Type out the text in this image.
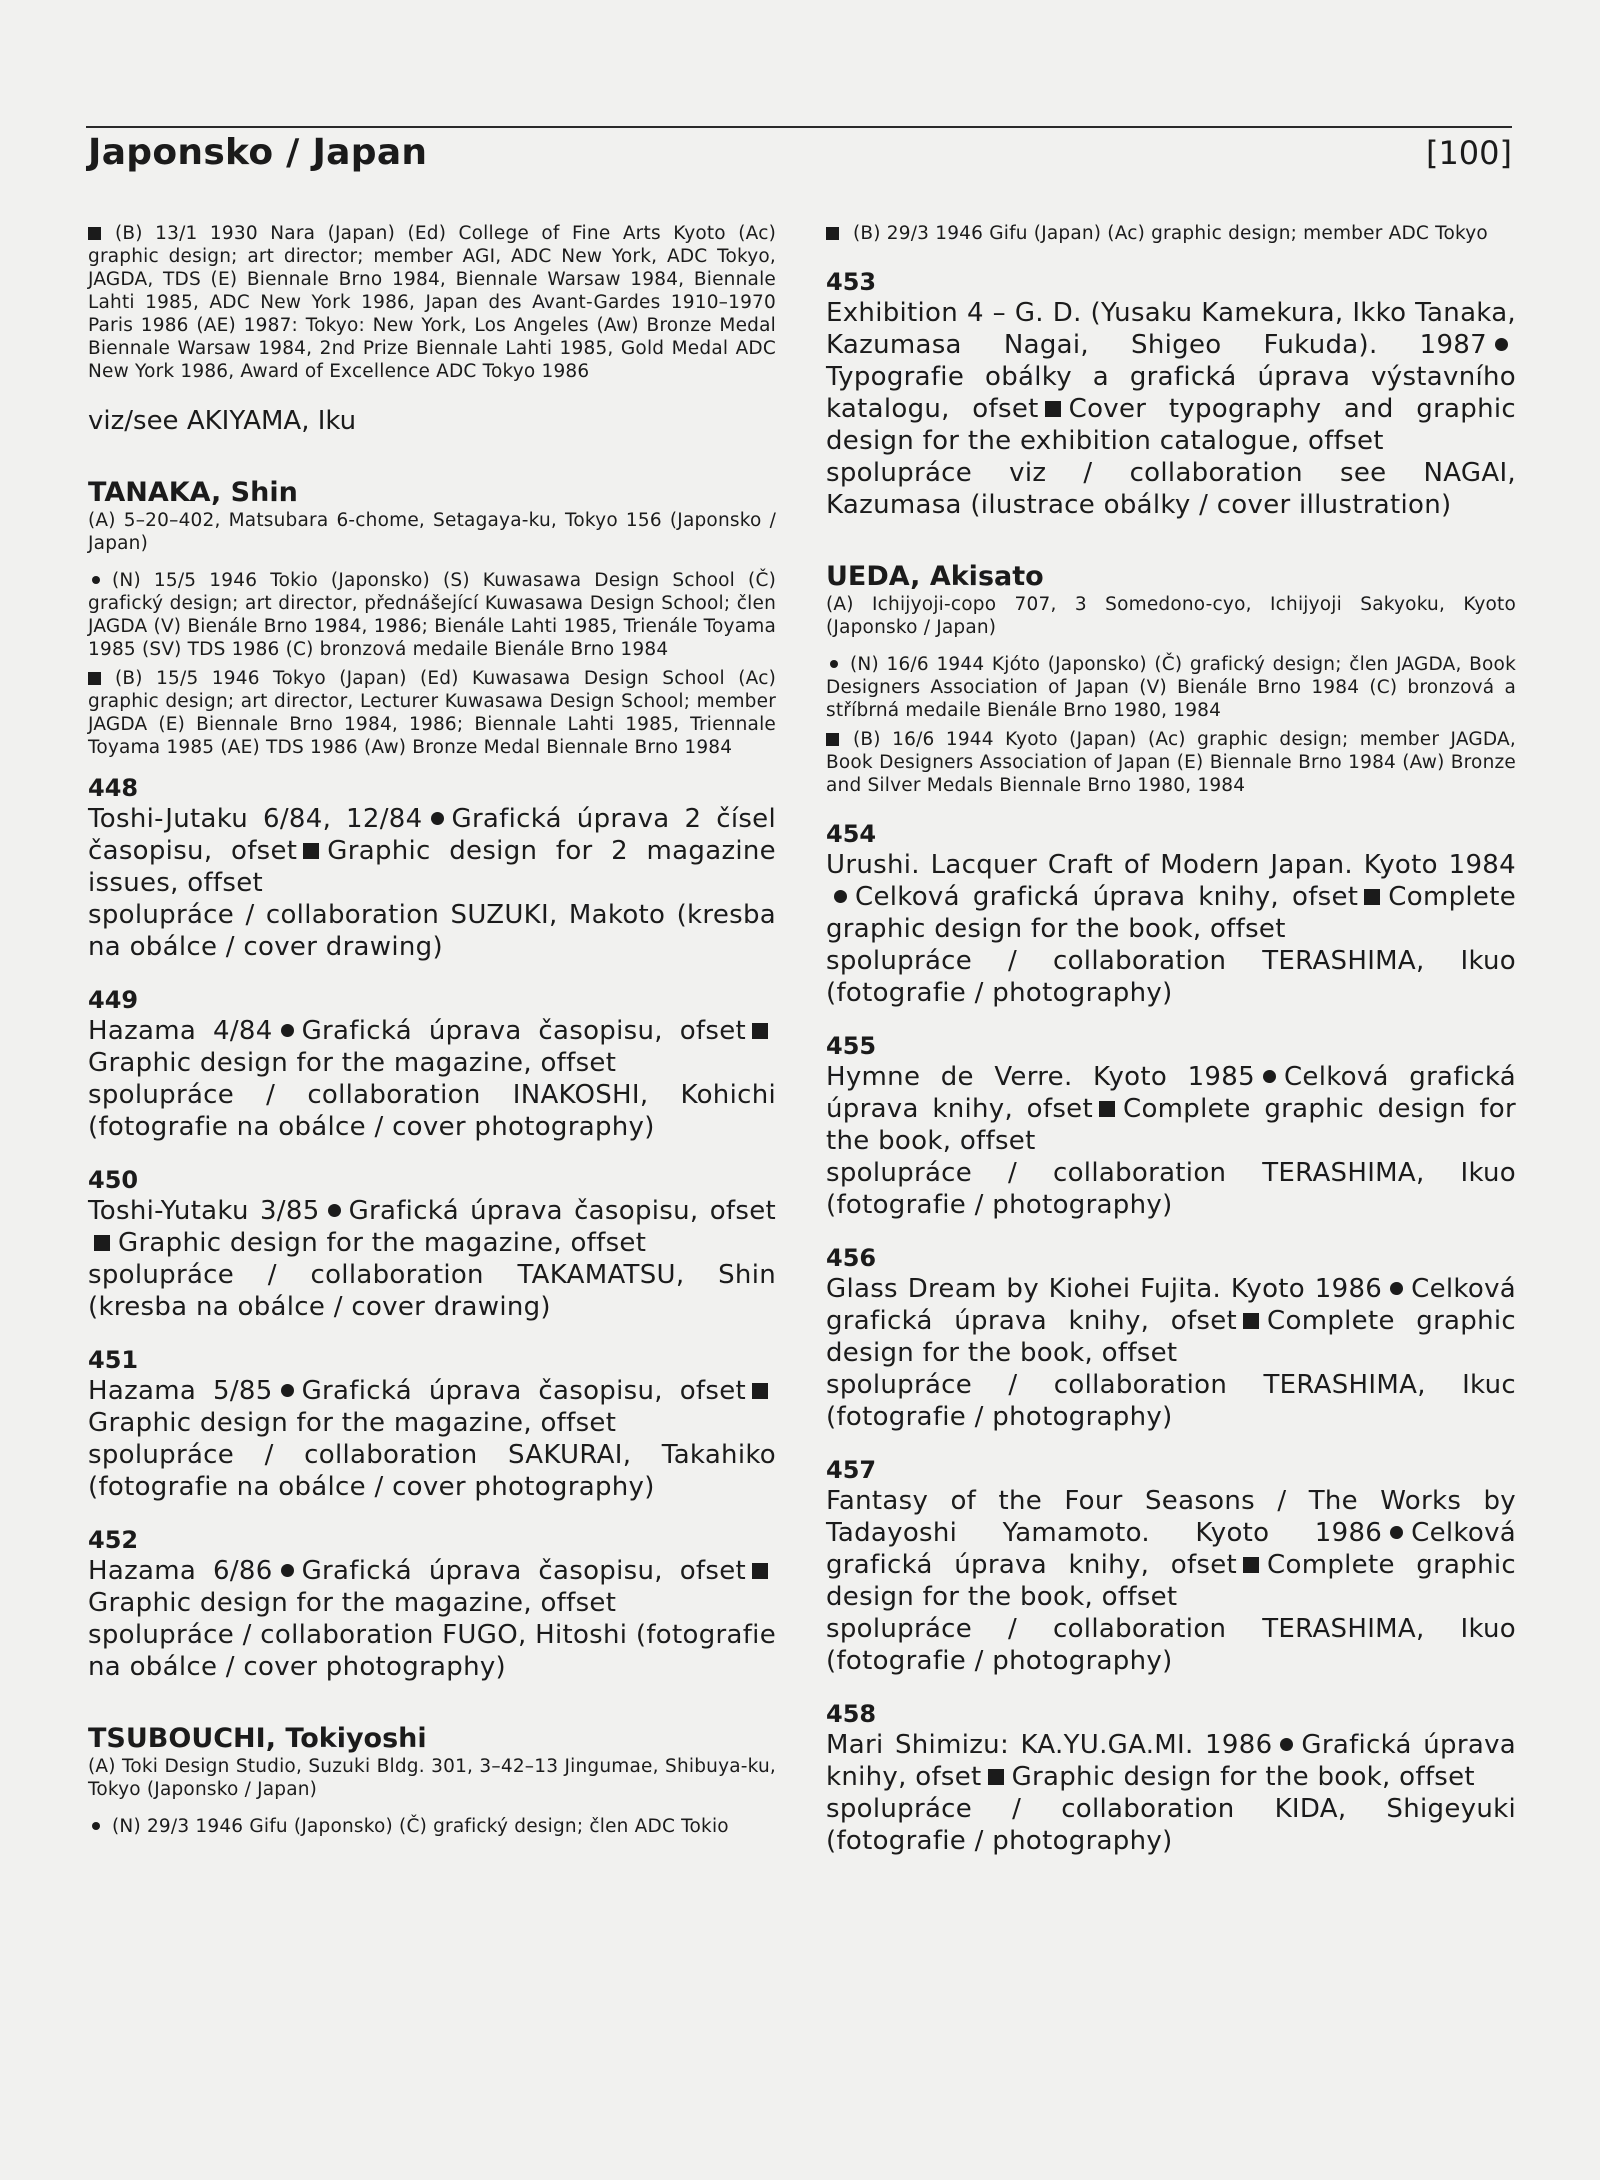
Japonsko / Japan	[100]

(B) 13/1 1930 Nara (Japan) (Ed) College of Fine Arts Kyoto (Ac) graphic design; art director; member AGI, ADC New York, ADC Tokyo, JAGDA, TDS (E) Biennale Brno 1984, Biennale Warsaw 1984, Biennale Lahti 1985, ADC New York 1986, Japan des Avant-Gardes 1910–1970 Paris 1986 (AE) 1987: Tokyo: New York, Los Angeles (Aw) Bronze Medal Biennale Warsaw 1984, 2nd Prize Biennale Lahti 1985, Gold Medal ADC New York 1986, Award of Excellence ADC Tokyo 1986

viz/see AKIYAMA, Iku

TANAKA, Shin

(A) 5–20–402, Matsubara 6-chome, Setagaya-ku, Tokyo 156 (Japonsko / Japan)

(N) 15/5 1946 Tokio (Japonsko) (S) Kuwasawa Design School (Č) grafický design; art director, přednášející Kuwasawa Design School; člen JAGDA (V) Bienále Brno 1984, 1986; Bienále Lahti 1985, Trienále Toyama 1985 (SV) TDS 1986 (C) bronzová medaile Bienále Brno 1984

(B) 15/5 1946 Tokyo (Japan) (Ed) Kuwasawa Design School (Ac) graphic design; art director, Lecturer Kuwasawa Design School; member JAGDA (E) Biennale Brno 1984, 1986; Biennale Lahti 1985, Triennale Toyama 1985 (AE) TDS 1986 (Aw) Bronze Medal Biennale Brno 1984

448

Toshi-Jutaku 6/84, 12/84 Grafická úprava 2 čísel časopisu, ofset Graphic design for 2 magazine issues, offset

spolupráce / collaboration SUZUKI, Makoto (kresba na obálce / cover drawing)

449

Hazama 4/84 Grafická úprava časopisu, ofsetGraphic design for the magazine, offset

spolupráce / collaboration INAKOSHI, Kohichi (fotografie na obálce / cover photography)

450

Toshi-Yutaku 3/85 Grafická úprava časopisu, ofsetGraphic design for the magazine, offset

spolupráce / collaboration TAKAMATSU, Shin (kresba na obálce / cover drawing)

451

Hazama 5/85 Grafická úprava časopisu, ofsetGraphic design for the magazine, offset

spolupráce / collaboration SAKURAI, Takahiko (fotografie na obálce / cover photography)

452

Hazama 6/86 Grafická úprava časopisu, ofsetGraphic design for the magazine, offset

spolupráce / collaboration FUGO, Hitoshi (fotografie na obálce / cover photography)

TSUBOUCHI, Tokiyoshi

(A) Toki Design Studio, Suzuki Bldg. 301, 3–42–13 Jingumae, Shibuya-ku, Tokyo (Japonsko / Japan)

(N) 29/3 1946 Gifu (Japonsko) (Č) grafický design; člen ADC Tokio

(B) 29/3 1946 Gifu (Japan) (Ac) graphic design; member ADC Tokyo

453

Exhibition 4 – G. D. (Yusaku Kamekura, Ikko Tanaka, Kazumasa Nagai, Shigeo Fukuda). 1987Typografie obálky a grafická úprava výstavního katalogu, ofset Cover typography and graphic design for the exhibition catalogue, offset

spolupráce viz / collaboration see NAGAI, Kazumasa (ilustrace obálky / cover illustration)

UEDA, Akisato

(A) Ichijyoji-copo 707, 3 Somedono-cyo, Ichijyoji Sakyoku, Kyoto (Japonsko / Japan)

(N) 16/6 1944 Kjóto (Japonsko) (Č) grafický design; člen JAGDA, Book Designers Association of Japan (V) Bienále Brno 1984 (C) bronzová a stříbrná medaile Bienále Brno 1980, 1984

(B) 16/6 1944 Kyoto (Japan) (Ac) graphic design; member JAGDA, Book Designers Association of Japan (E) Biennale Brno 1984 (Aw) Bronze and Silver Medals Biennale Brno 1980, 1984

454

Urushi. Lacquer Craft of Modern Japan. Kyoto 1984Celková grafická úprava knihy, ofset Complete graphic design for the book, offset

spolupráce / collaboration TERASHIMA, Ikuo (fotografie / photography)

455

Hymne de Verre. Kyoto 1985 Celková grafická úprava knihy, ofset Complete graphic design for the book, offset

spolupráce / collaboration TERASHIMA, Ikuo (fotografie / photography)

456

Glass Dream by Kiohei Fujita. Kyoto 1986 Celková grafická úprava knihy, ofset Complete graphic design for the book, offset

spolupráce / collaboration TERASHIMA, Ikuc (fotografie / photography)

457

Fantasy of the Four Seasons / The Works by Tadayoshi Yamamoto. Kyoto 1986 Celková grafická úprava knihy, ofset Complete graphic design for the book, offset

spolupráce / collaboration TERASHIMA, Ikuo (fotografie / photography)

458

Mari Shimizu: KA.YU.GA.MI. 1986 Grafická úprava knihy, ofset Graphic design for the book, offset

spolupráce / collaboration KIDA, Shigeyuki (fotografie / photography)
